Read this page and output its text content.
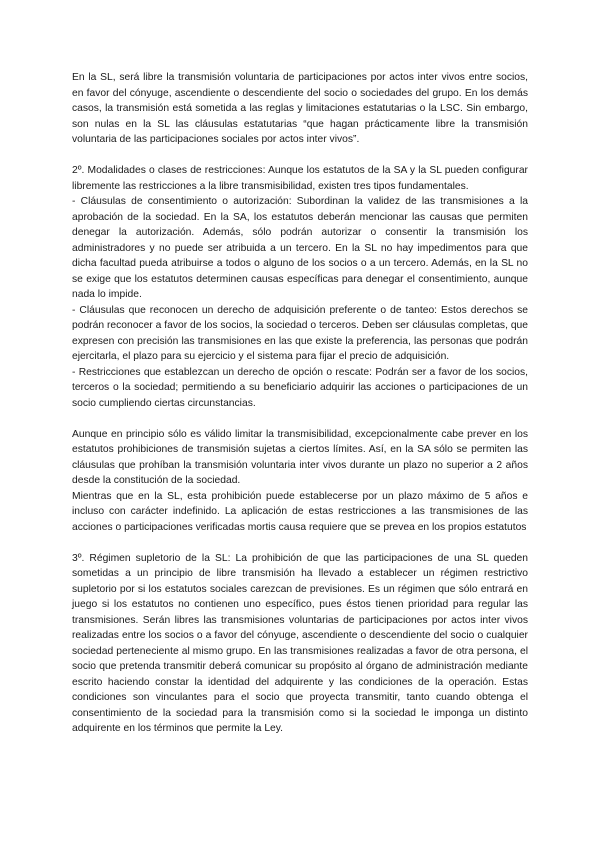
En la SL, será libre la transmisión voluntaria de participaciones por actos inter vivos entre socios, en favor del cónyuge, ascendiente o descendiente del socio o sociedades del grupo. En los demás casos, la transmisión está sometida a las reglas y limitaciones estatutarias o la LSC. Sin embargo, son nulas en la SL las cláusulas estatutarias “que hagan prácticamente libre la transmisión voluntaria de las participaciones sociales por actos inter vivos”.

2º. Modalidades o clases de restricciones: Aunque los estatutos de la SA y la SL pueden configurar libremente las restricciones a la libre transmisibilidad, existen tres tipos fundamentales.

- Cláusulas de consentimiento o autorización: Subordinan la validez de las transmisiones a la aprobación de la sociedad. En la SA, los estatutos deberán mencionar las causas que permiten denegar la autorización. Además, sólo podrán autorizar o consentir la transmisión los administradores y no puede ser atribuida a un tercero. En la SL no hay impedimentos para que dicha facultad pueda atribuirse a todos o alguno de los socios o a un tercero. Además, en la SL no se exige que los estatutos determinen causas específicas para denegar el consentimiento, aunque nada lo impide.

- Cláusulas que reconocen un derecho de adquisición preferente o de tanteo: Estos derechos se podrán reconocer a favor de los socios, la sociedad o terceros. Deben ser cláusulas completas, que expresen con precisión las transmisiones en las que existe la preferencia, las personas que podrán ejercitarla, el plazo para su ejercicio y el sistema para fijar el precio de adquisición.

- Restricciones que establezcan un derecho de opción o rescate: Podrán ser a favor de los socios, terceros o la sociedad; permitiendo a su beneficiario adquirir las acciones o participaciones de un socio cumpliendo ciertas circunstancias.

Aunque en principio sólo es válido limitar la transmisibilidad, excepcionalmente cabe prever en los estatutos prohibiciones de transmisión sujetas a ciertos límites. Así, en la SA sólo se permiten las cláusulas que prohíban la transmisión voluntaria inter vivos durante un plazo no superior a 2 años desde la constitución de la sociedad.

Mientras que en la SL, esta prohibición puede establecerse por un plazo máximo de 5 años e incluso con carácter indefinido. La aplicación de estas restricciones a las transmisiones de las acciones o participaciones verificadas mortis causa requiere que se prevea en los propios estatutos

3º. Régimen supletorio de la SL: La prohibición de que las participaciones de una SL queden sometidas a un principio de libre transmisión ha llevado a establecer un régimen restrictivo supletorio por si los estatutos sociales carezcan de previsiones. Es un régimen que sólo entrará en juego si los estatutos no contienen uno específico, pues éstos tienen prioridad para regular las transmisiones. Serán libres las transmisiones voluntarias de participaciones por actos inter vivos realizadas entre los socios o a favor del cónyuge, ascendiente o descendiente del socio o cualquier sociedad perteneciente al mismo grupo. En las transmisiones realizadas a favor de otra persona, el socio que pretenda transmitir deberá comunicar su propósito al órgano de administración mediante escrito haciendo constar la identidad del adquirente y las condiciones de la operación. Estas condiciones son vinculantes para el socio que proyecta transmitir, tanto cuando obtenga el consentimiento de la sociedad para la transmisión como si la sociedad le imponga un distinto adquirente en los términos que permite la Ley.
